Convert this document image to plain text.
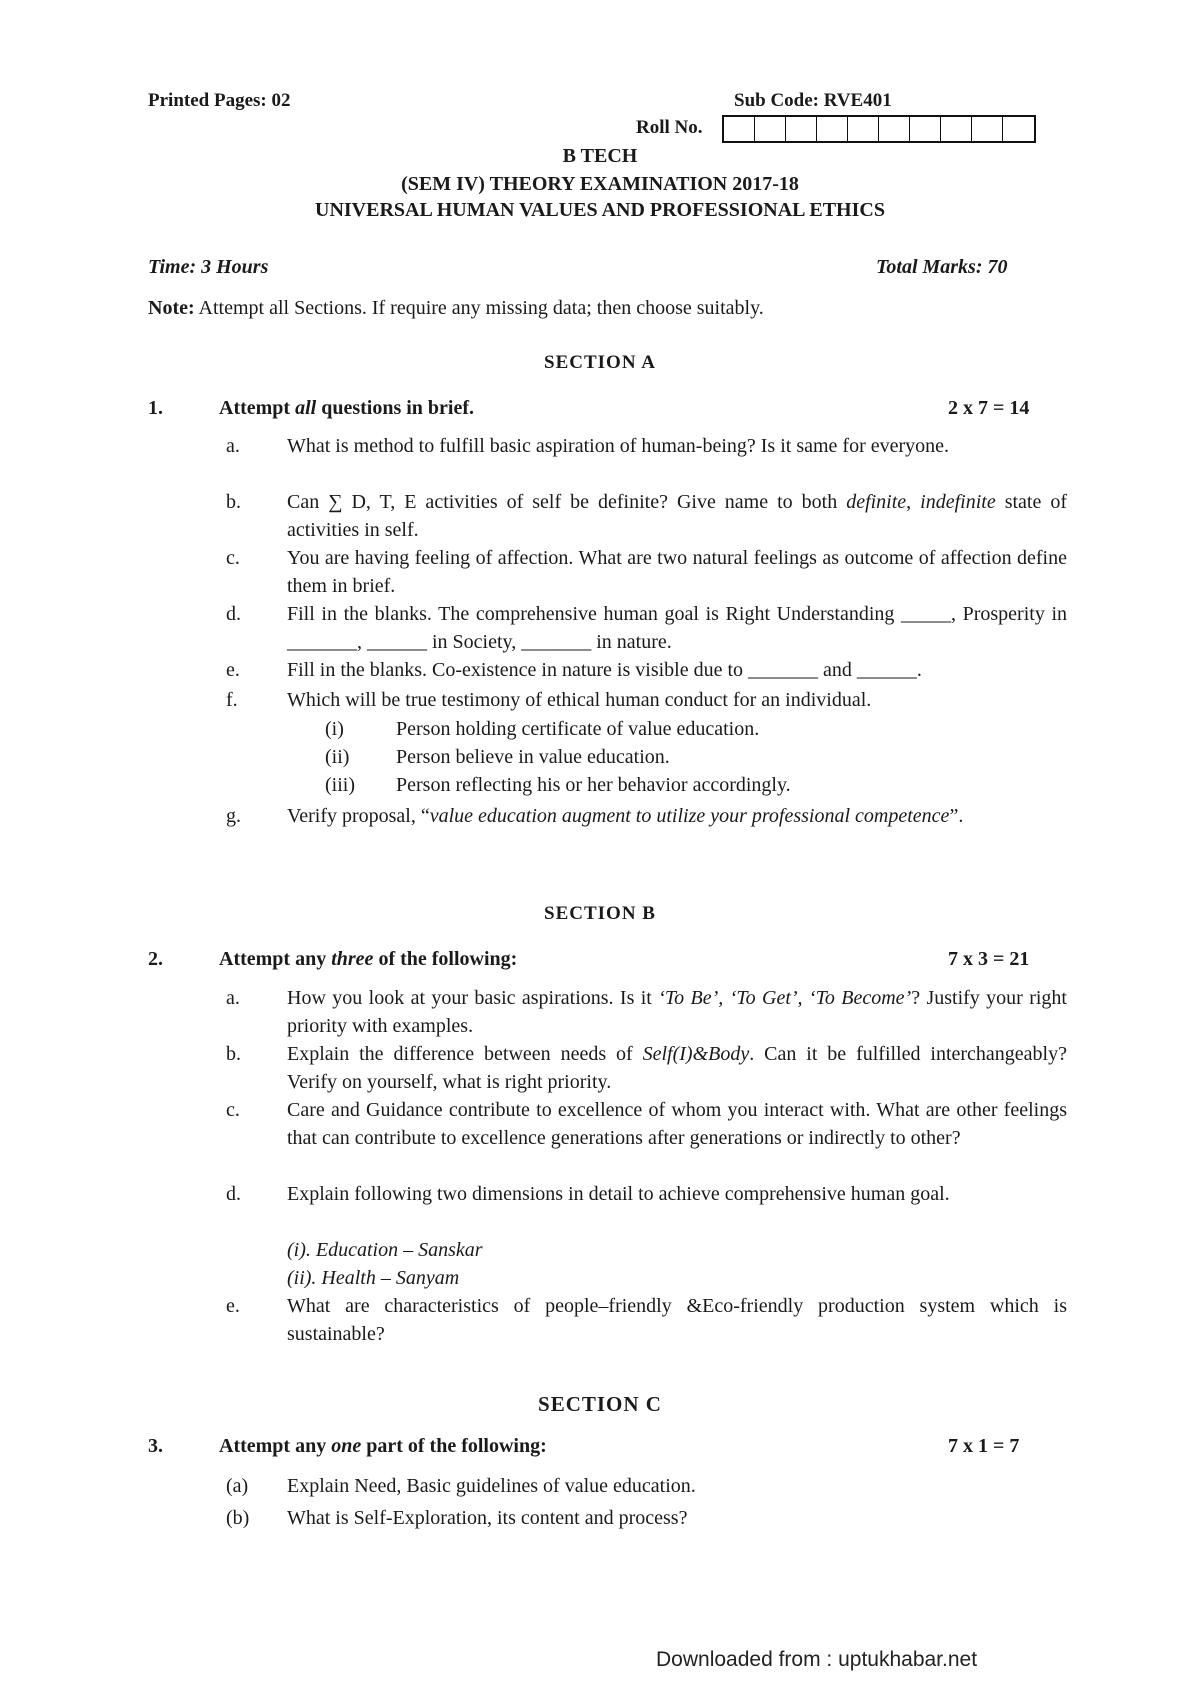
Printed Pages: 02	Sub Code: RVE401
Roll No.
B TECH
(SEM IV) THEORY EXAMINATION 2017-18
UNIVERSAL HUMAN VALUES AND PROFESSIONAL ETHICS
Time: 3 Hours	Total Marks: 70
Note: Attempt all Sections. If require any missing data; then choose suitably.
SECTION A
1.	Attempt all questions in brief.	2 x 7 = 14
a. What is method to fulfill basic aspiration of human-being? Is it same for everyone.
b. Can ∑ D, T, E activities of self be definite? Give name to both definite, indefinite state of activities in self.
c. You are having feeling of affection. What are two natural feelings as outcome of affection define them in brief.
d. Fill in the blanks. The comprehensive human goal is Right Understanding _____, Prosperity in _______, ______ in Society, _______ in nature.
e. Fill in the blanks. Co-existence in nature is visible due to _______ and ______.
f. Which will be true testimony of ethical human conduct for an individual.
(i)	Person holding certificate of value education.
(ii) Person believe in value education.
(iii) Person reflecting his or her behavior accordingly.
g. Verify proposal, “value education augment to utilize your professional competence”.
SECTION B
2.	Attempt any three of the following:	7 x 3 = 21
a. How you look at your basic aspirations. Is it ‘To Be’, ‘To Get’, ‘To Become’? Justify your right priority with examples.
b. Explain the difference between needs of Self(I)&Body. Can it be fulfilled interchangeably? Verify on yourself, what is right priority.
c. Care and Guidance contribute to excellence of whom you interact with. What are other feelings that can contribute to excellence generations after generations or indirectly to other?
d. Explain following two dimensions in detail to achieve comprehensive human goal.
(i). Education – Sanskar
(ii). Health – Sanyam
e. What are characteristics of people–friendly &Eco-friendly production system which is sustainable?
SECTION C
3.	Attempt any one part of the following:	7 x 1 = 7
(a) Explain Need, Basic guidelines of value education.
(b) What is Self-Exploration, its content and process?
Downloaded from : uptukhabar.net
